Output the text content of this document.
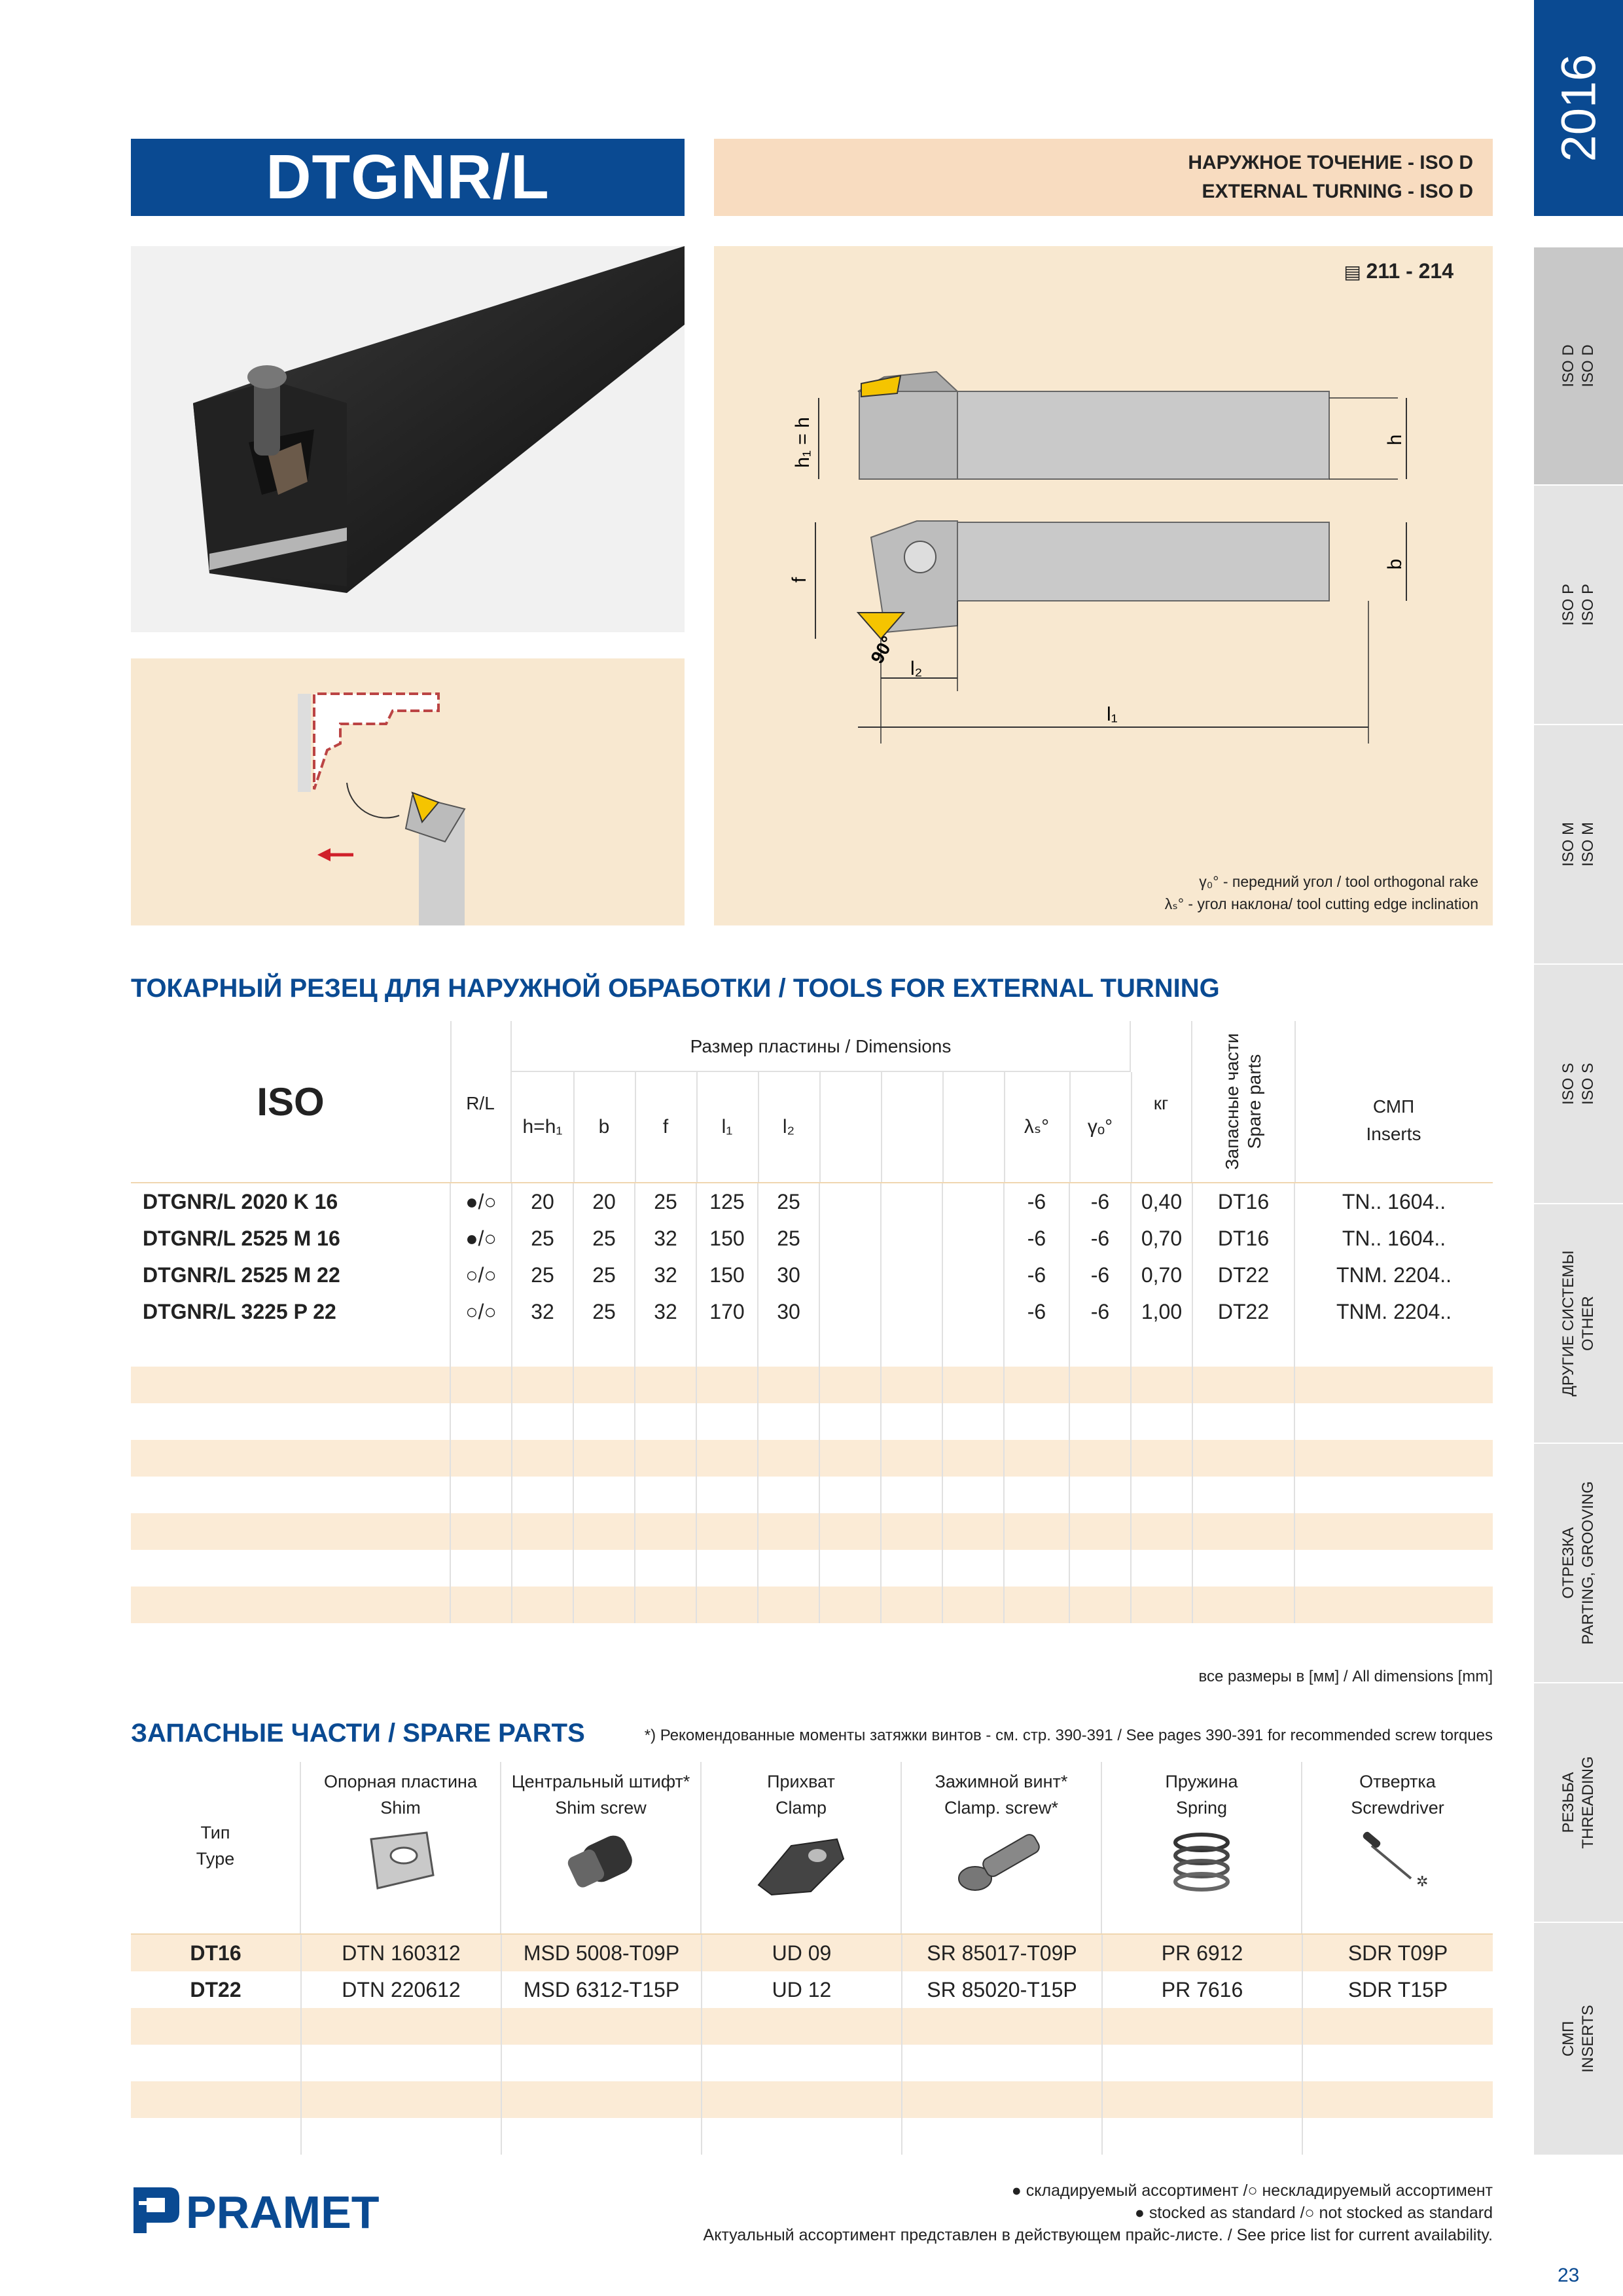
DTGNR/L	НАРУЖНОЕ ТОЧЕНИЕ - ISO D
EXTERNAL TURNING - ISO D
2016
ISO D ISO D
ISO P ISO P
ISO M ISO M
ISO S ISO S
ДРУГИЕ СИСТЕМЫ OTHER
ОТРЕЗКА PARTING, GROOVING
РЕЗЬБА THREADING
СМП INSERTS
▤ 211 - 214
h₁ = h	h
f
b
90°
l₂
l₁
γ₀° - передний угол / tool orthogonal rake
λₛ° - угол наклона/ tool cutting edge inclination
ТОКАРНЫЙ РЕЗЕЦ ДЛЯ НАРУЖНОЙ ОБРАБОТКИ / TOOLS FOR EXTERNAL TURNING
ISO	R/L
Размер пластины / Dimensions
h=h₁	b	f	l₁	l₂	λₛ°	γₒ°
кг	Запасные части Spare parts	СМП
Inserts
DTGNR/L 2020 K 16	●/○	20	20	25	125	25				-6	-6	0,40	DT16	TN.. 1604..
DTGNR/L 2525 M 16	●/○	25	25	32	150	25				-6	-6	0,70	DT16	TN.. 1604..
DTGNR/L 2525 M 22	○/○	25	25	32	150	30				-6	-6	0,70	DT22	TNM. 2204..
DTGNR/L 3225 P 22	○/○	32	25	32	170	30				-6	-6	1,00	DT22	TNM. 2204..

все размеры в [мм] / All dimensions [mm]
ЗАПАСНЫЕ ЧАСТИ / SPARE PARTS	*) Рекомендованные моменты затяжки винтов - см. стр. 390-391 / See pages 390-391 for recommended screw torques
Тип
Type
Опорная пластина
Shim
Центральный штифт*
Shim screw
Прихват
Clamp
Зажимной винт*
Clamp. screw*
Пружина
Spring
Отвертка
Screwdriver
✲
DT16	DTN 160312	MSD 5008-T09P	UD 09	SR 85017-T09P	PR 6912	SDR T09P
DT22	DTN 220612	MSD 6312-T15P	UD 12	SR 85020-T15P	PR 7616	SDR T15P

PRAMET	● складируемый ассортимент /○ нескладируемый ассортимент
● stocked as standard /○ not stocked as standard
Актуальный ассортимент представлен в действующем прайс-листе. / See price list for current availability.
23
